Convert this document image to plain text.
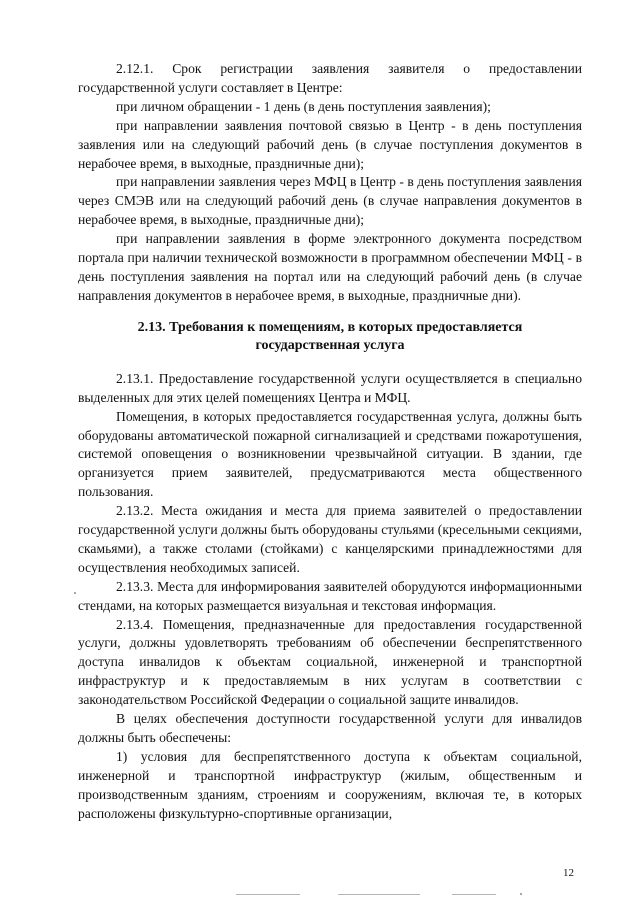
2.12.1. Срок регистрации заявления заявителя о предоставлении государственной услуги составляет в Центре:

при личном обращении - 1 день (в день поступления заявления);

при направлении заявления почтовой связью в Центр - в день поступления заявления или на следующий рабочий день (в случае поступления документов в нерабочее время, в выходные, праздничные дни);

при направлении заявления через МФЦ в Центр - в день поступления заявления через СМЭВ или на следующий рабочий день (в случае направления документов в нерабочее время, в выходные, праздничные дни);

при направлении заявления в форме электронного документа посредством портала при наличии технической возможности в программном обеспечении МФЦ - в день поступления заявления на портал или на следующий рабочий день (в случае направления документов в нерабочее время, в выходные, праздничные дни).

2.13. Требования к помещениям, в которых предоставляется
государственная услуга

2.13.1. Предоставление государственной услуги осуществляется в специально выделенных для этих целей помещениях Центра и МФЦ.

Помещения, в которых предоставляется государственная услуга, должны быть оборудованы автоматической пожарной сигнализацией и средствами пожаротушения, системой оповещения о возникновении чрезвычайной ситуации. В здании, где организуется прием заявителей, предусматриваются места общественного пользования.

2.13.2. Места ожидания и места для приема заявителей о предоставлении государственной услуги должны быть оборудованы стульями (кресельными секциями, скамьями), а также столами (стойками) с канцелярскими принадлежностями для осуществления необходимых записей.

2.13.3. Места для информирования заявителей оборудуются информационными стендами, на которых размещается визуальная и текстовая информация.

2.13.4. Помещения, предназначенные для предоставления государственной услуги, должны удовлетворять требованиям об обеспечении беспрепятственного доступа инвалидов к объектам социальной, инженерной и транспортной инфраструктур и к предоставляемым в них услугам в соответствии с законодательством Российской Федерации о социальной защите инвалидов.

В целях обеспечения доступности государственной услуги для инвалидов должны быть обеспечены:

1) условия для беспрепятственного доступа к объектам социальной, инженерной и транспортной инфраструктур (жилым, общественным и производственным зданиям, строениям и сооружениям, включая те, в которых расположены физкультурно-спортивные организации,

12
